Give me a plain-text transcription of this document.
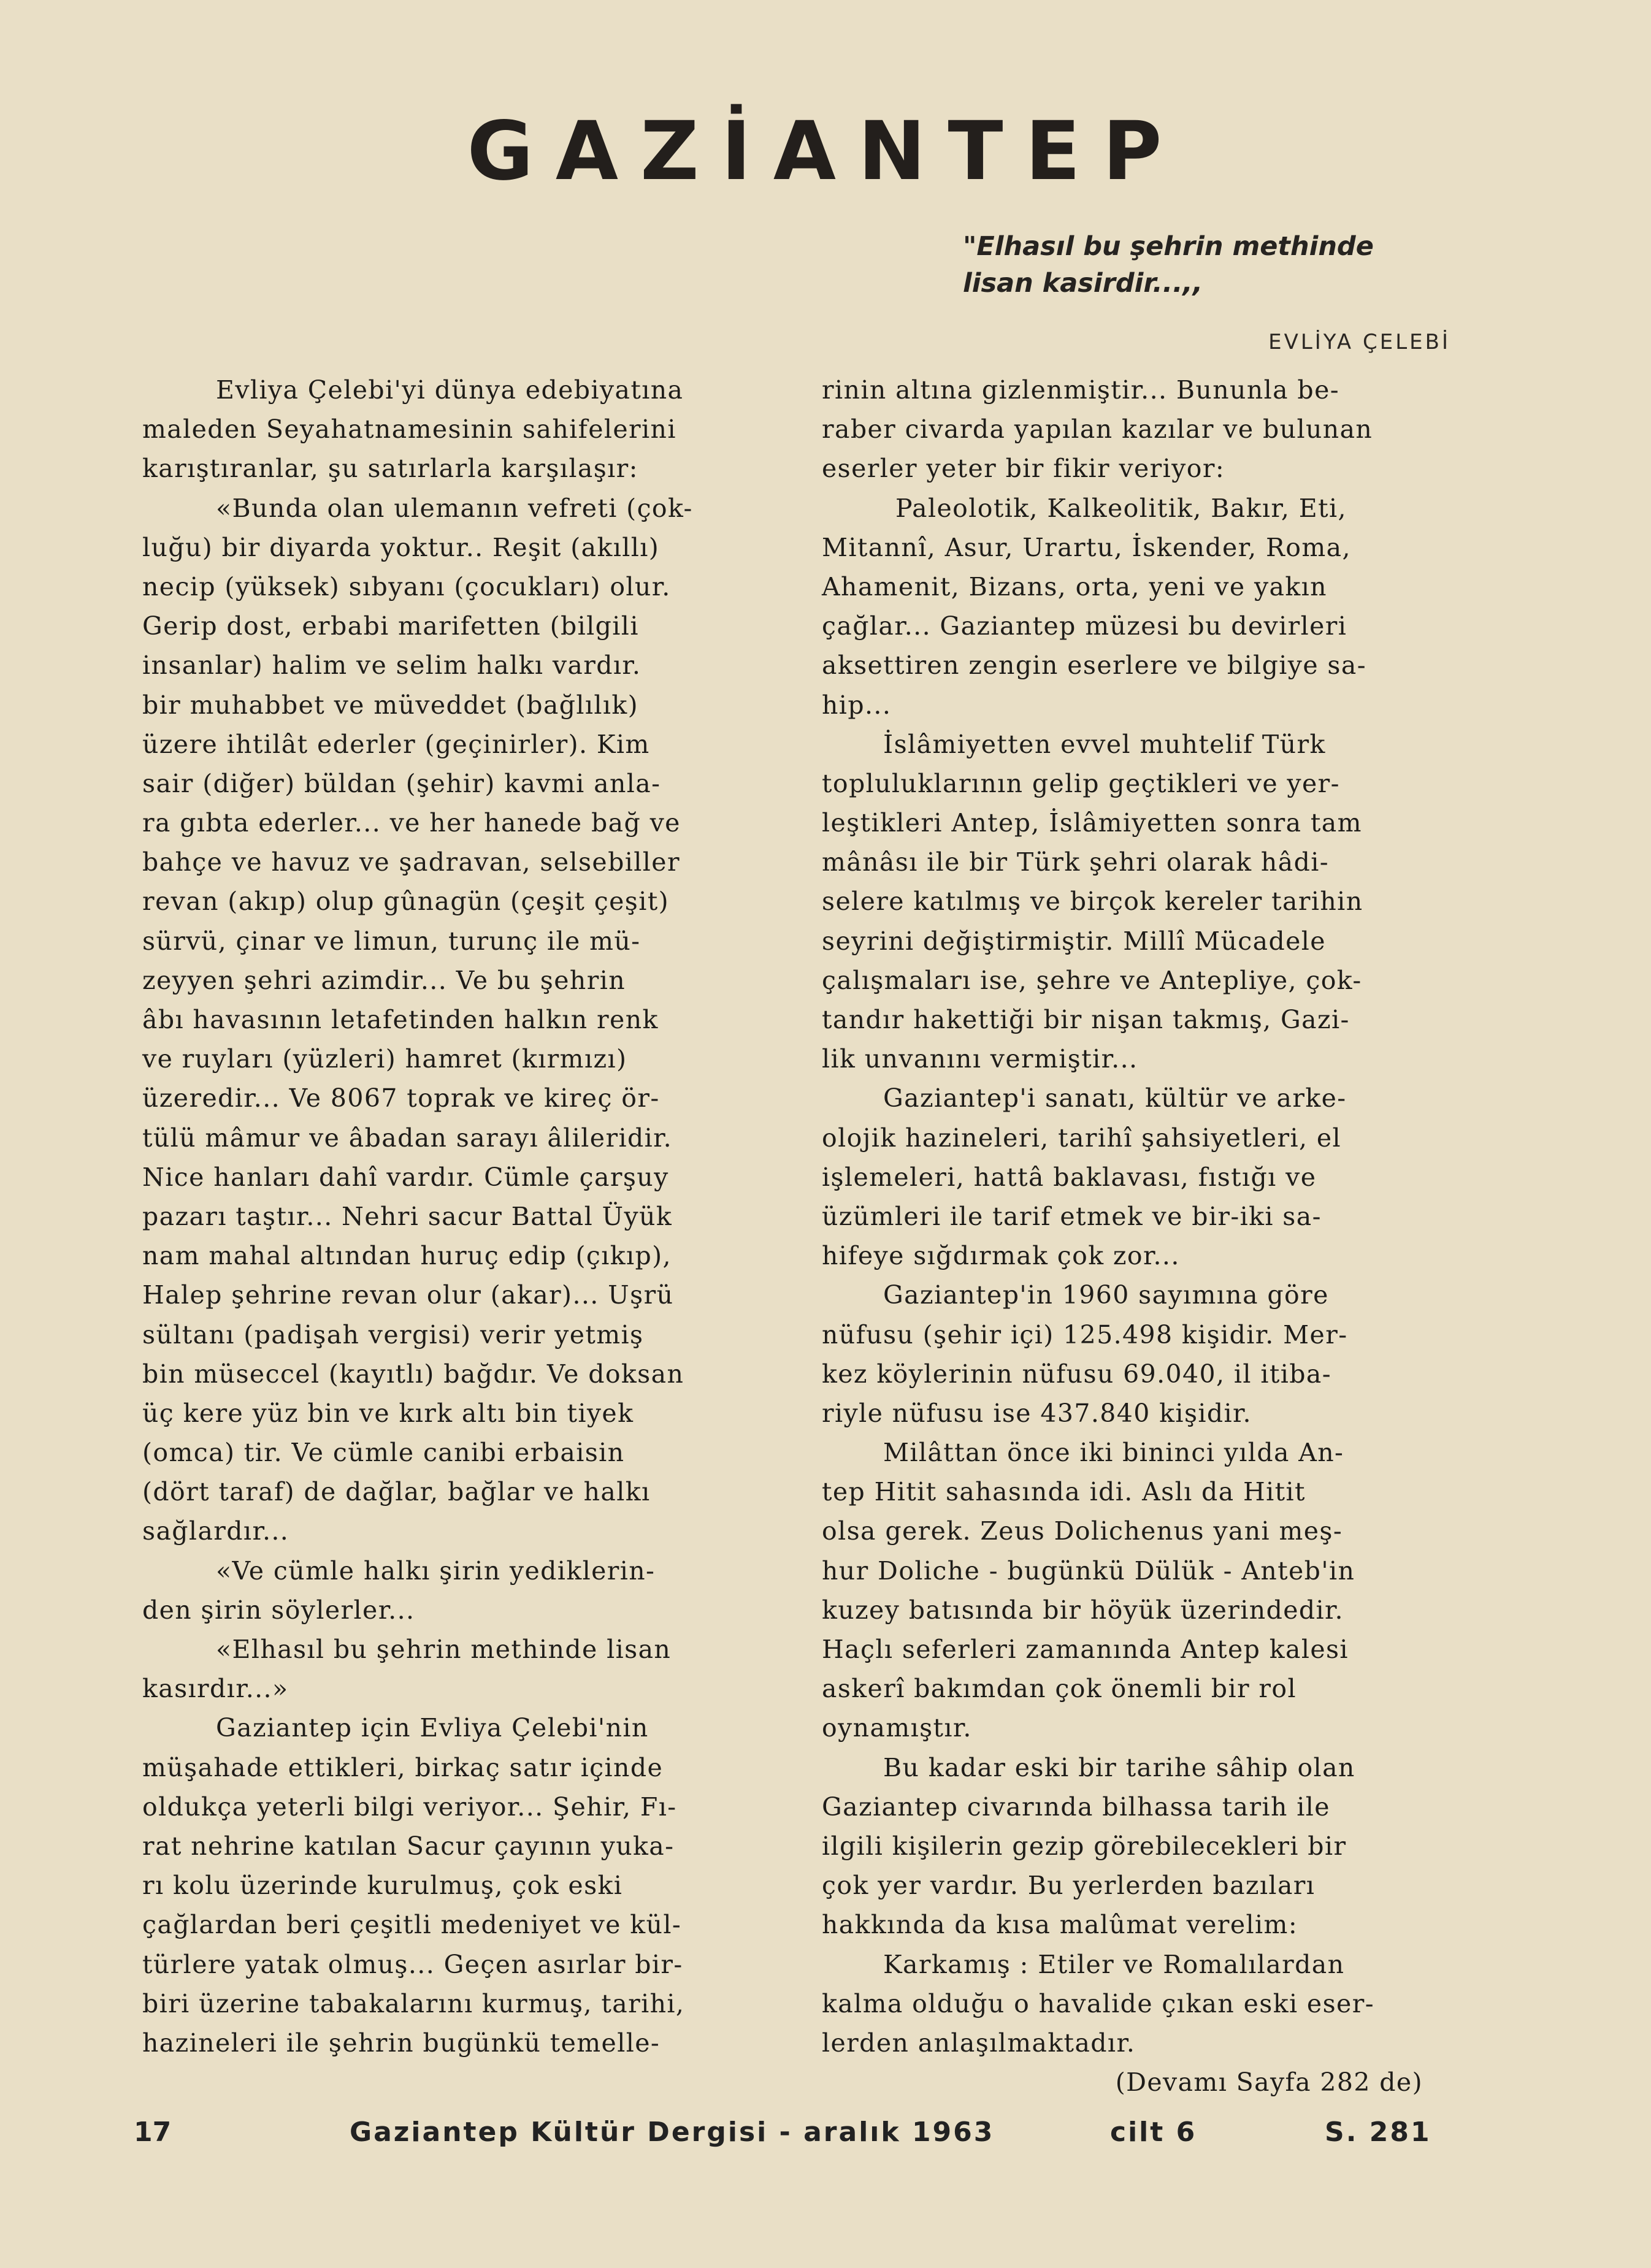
GAZİANTEP
"Elhasıl bu şehrin methinde
lisan kasirdir...,,
EVLİYA ÇELEBİ
Evliya Çelebi'yi dünya edebiyatına
maleden Seyahatnamesinin sahifelerini
karıştıranlar, şu satırlarla karşılaşır:
«Bunda olan ulemanın vefreti (çok-
luğu) bir diyarda yoktur.. Reşit (akıllı)
necip (yüksek) sıbyanı (çocukları) olur.
Gerip dost, erbabi marifetten (bilgili
insanlar) halim ve selim halkı vardır.
bir muhabbet ve müveddet (bağlılık)
üzere ihtilât ederler (geçinirler). Kim
sair (diğer) büldan (şehir) kavmi anla-
ra gıbta ederler... ve her hanede bağ ve
bahçe ve havuz ve şadravan, selsebiller
revan (akıp) olup gûnagün (çeşit çeşit)
sürvü, çinar ve limun, turunç ile mü-
zeyyen şehri azimdir... Ve bu şehrin
âbı havasının letafetinden halkın renk
ve ruyları (yüzleri) hamret (kırmızı)
üzeredir... Ve 8067 toprak ve kireç ör-
tülü mâmur ve âbadan sarayı âlileridir.
Nice hanları dahî vardır. Cümle çarşuy
pazarı taştır... Nehri sacur Battal Üyük
nam mahal altından huruç edip (çıkıp),
Halep şehrine revan olur (akar)... Uşrü
sültanı (padişah vergisi) verir yetmiş
bin müseccel (kayıtlı) bağdır. Ve doksan
üç kere yüz bin ve kırk altı bin tiyek
(omca) tir. Ve cümle canibi erbaisin
(dört taraf) de dağlar, bağlar ve halkı
sağlardır...
«Ve cümle halkı şirin yediklerin-
den şirin söylerler...
«Elhasıl bu şehrin methinde lisan
kasırdır...»
Gaziantep için Evliya Çelebi'nin
müşahade ettikleri, birkaç satır içinde
oldukça yeterli bilgi veriyor... Şehir, Fı-
rat nehrine katılan Sacur çayının yuka-
rı kolu üzerinde kurulmuş, çok eski
çağlardan beri çeşitli medeniyet ve kül-
türlere yatak olmuş... Geçen asırlar bir-
biri üzerine tabakalarını kurmuş, tarihi,
hazineleri ile şehrin bugünkü temelle-
rinin altına gizlenmiştir... Bununla be-
raber civarda yapılan kazılar ve bulunan
eserler yeter bir fikir veriyor:
Paleolotik, Kalkeolitik, Bakır, Eti,
Mitannî, Asur, Urartu, İskender, Roma,
Ahamenit, Bizans, orta, yeni ve yakın
çağlar... Gaziantep müzesi bu devirleri
aksettiren zengin eserlere ve bilgiye sa-
hip...
İslâmiyetten evvel muhtelif Türk
topluluklarının gelip geçtikleri ve yer-
leştikleri Antep, İslâmiyetten sonra tam
mânâsı ile bir Türk şehri olarak hâdi-
selere katılmış ve birçok kereler tarihin
seyrini değiştirmiştir. Millî Mücadele
çalışmaları ise, şehre ve Antepliye, çok-
tandır hakettiği bir nişan takmış, Gazi-
lik unvanını vermiştir...
Gaziantep'i sanatı, kültür ve arke-
olojik hazineleri, tarihî şahsiyetleri, el
işlemeleri, hattâ baklavası, fıstığı ve
üzümleri ile tarif etmek ve bir-iki sa-
hifeye sığdırmak çok zor...
Gaziantep'in 1960 sayımına göre
nüfusu (şehir içi) 125.498 kişidir. Mer-
kez köylerinin nüfusu 69.040, il itiba-
riyle nüfusu ise 437.840 kişidir.
Milâttan önce iki bininci yılda An-
tep Hitit sahasında idi. Aslı da Hitit
olsa gerek. Zeus Dolichenus yani meş-
hur Doliche - bugünkü Dülük - Anteb'in
kuzey batısında bir höyük üzerindedir.
Haçlı seferleri zamanında Antep kalesi
askerî bakımdan çok önemli bir rol
oynamıştır.
Bu kadar eski bir tarihe sâhip olan
Gaziantep civarında bilhassa tarih ile
ilgili kişilerin gezip görebilecekleri bir
çok yer vardır. Bu yerlerden bazıları
hakkında da kısa malûmat verelim:
Karkamış : Etiler ve Romalılardan
kalma olduğu o havalide çıkan eski eser-
lerden anlaşılmaktadır.
(Devamı Sayfa 282 de)
17	Gaziantep Kültür Dergisi - aralık 1963	cilt 6	S. 281
